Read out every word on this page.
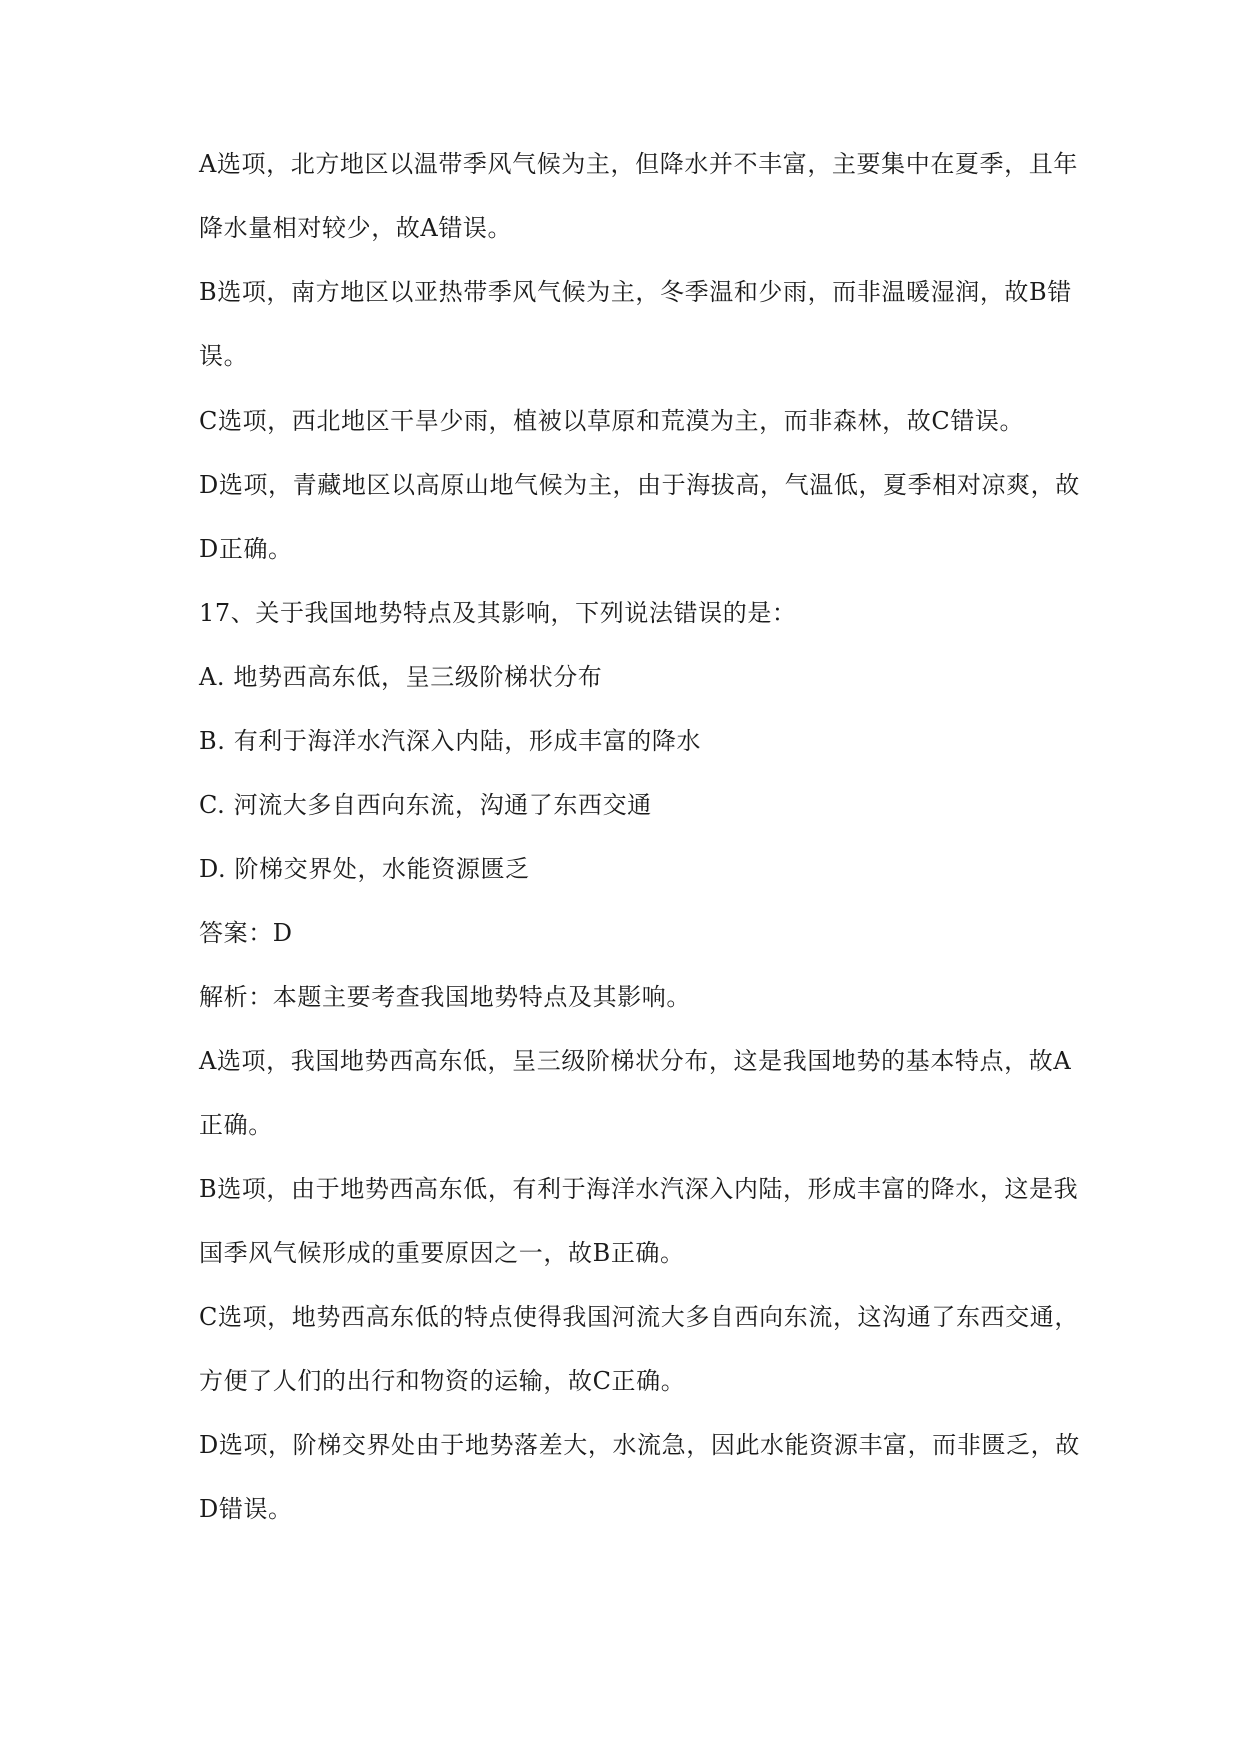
A选项，北方地区以温带季风气候为主，但降水并不丰富，主要集中在夏季，且年
降水量相对较少，故A错误。
B选项，南方地区以亚热带季风气候为主，冬季温和少雨，而非温暖湿润，故B错
误。
C选项，西北地区干旱少雨，植被以草原和荒漠为主，而非森林，故C错误。
D选项，青藏地区以高原山地气候为主，由于海拔高，气温低，夏季相对凉爽，故
D正确。
17、关于我国地势特点及其影响，下列说法错误的是：
A. 地势西高东低，呈三级阶梯状分布
B. 有利于海洋水汽深入内陆，形成丰富的降水
C. 河流大多自西向东流，沟通了东西交通
D. 阶梯交界处，水能资源匮乏
答案：D
解析：本题主要考查我国地势特点及其影响。
A选项，我国地势西高东低，呈三级阶梯状分布，这是我国地势的基本特点，故A
正确。
B选项，由于地势西高东低，有利于海洋水汽深入内陆，形成丰富的降水，这是我
国季风气候形成的重要原因之一，故B正确。
C选项，地势西高东低的特点使得我国河流大多自西向东流，这沟通了东西交通，
方便了人们的出行和物资的运输，故C正确。
D选项，阶梯交界处由于地势落差大，水流急，因此水能资源丰富，而非匮乏，故
D错误。
